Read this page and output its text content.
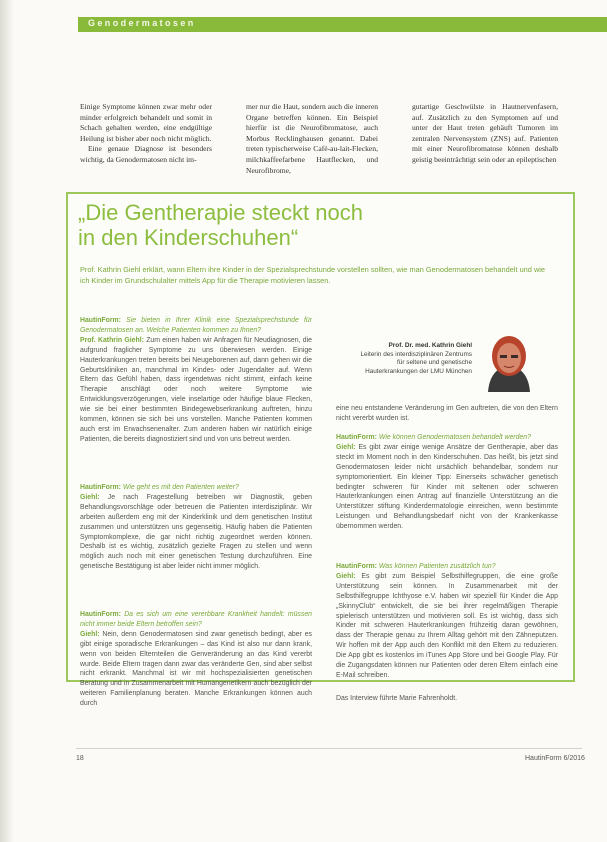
Genodermatosen

Einige Symptome können zwar mehr oder minder erfolgreich behandelt und somit in Schach gehalten werden, eine endgültige Heilung ist bisher aber noch nicht möglich.

Eine genaue Diagnose ist besonders wichtig, da Genodermatosen nicht im-

mer nur die Haut, sondern auch die inneren Organe betreffen können. Ein Beispiel hierfür ist die Neurofibromatose, auch Morbus Recklinghausen genannt. Dabei treten typischerweise Café-au-lait-Flecken, milchkaffeefarbene Hautflecken, und Neurofibrome,

gutartige Geschwülste in Hautnervenfasern, auf. Zusätzlich zu den Symptomen auf und unter der Haut treten gehäuft Tumoren im zentralen Nervensystem (ZNS) auf. Patienten mit einer Neurofibromatose können deshalb geistig beeinträchtigt sein oder an epileptischen

„Die Gentherapie steckt noch
in den Kinderschuhen“
Prof. Kathrin Giehl erklärt, wann Eltern ihre Kinder in der Spezialsprechstunde vorstellen sollten, wie man Genodermatosen behandelt und wie ich Kinder im Grundschulalter mittels App für die Therapie motivieren lassen.
HautinForm: Sie bieten in Ihrer Klinik eine Spezialsprechstunde für Genodermatosen an. Welche Patienten kommen zu Ihnen?
Prof. Kathrin Giehl: Zum einen haben wir Anfragen für Neudiagnosen, die aufgrund fraglicher Symptome zu uns überwiesen werden. Einige Hauterkrankungen treten bereits bei Neugeborenen auf, dann gehen wir die Geburtskliniken an, manchmal im Kindes- oder Jugendalter auf. Wenn Eltern das Gefühl haben, dass irgendetwas nicht stimmt, einfach keine Therapie anschlägt oder noch weitere Symptome wie Entwicklungsverzögerungen, viele inselartige oder häufige blaue Flecken, wie sie bei einer bestimmten Bindegewebserkrankung auftreten, hinzu kommen, können sie sich bei uns vorstellen. Manche Patienten kommen auch erst im Erwachsenenalter. Zum anderen haben wir natürlich einige Patienten, die bereits diagnostiziert sind und von uns betreut werden.
HautinForm: Wie geht es mit den Patienten weiter?
Giehl: Je nach Fragestellung betreiben wir Diagnostik, geben Behandlungsvorschläge oder betreuen die Patienten interdisziplinär. Wir arbeiten außerdem eng mit der Kinderklinik und dem genetischen Institut zusammen und unterstützen uns gegenseitig. Häufig haben die Patienten Symptomkomplexe, die gar nicht richtig zugeordnet werden können. Deshalb ist es wichtig, zusätzlich gezielte Fragen zu stellen und wenn möglich auch noch mit einer genetischen Testung durchzuführen. Eine genetische Bestätigung ist aber leider nicht immer möglich.
HautinForm: Da es sich um eine vererbbare Krankheit handelt: müssen nicht immer beide Eltern betroffen sein?
Giehl: Nein, denn Genodermatosen sind zwar genetisch bedingt, aber es gibt einige sporadische Erkrankungen – das Kind ist also nur dann krank, wenn von beiden Elternteilen die Genveränderung an das Kind vererbt wurde. Beide Eltern tragen dann zwar das veränderte Gen, sind aber selbst nicht erkrankt. Manchmal ist wir mit hochspezialisierten genetischen Beratung und in Zusammenarbeit mit Humangenetikern auch bezüglich der weiteren Familienplanung beraten. Manche Erkrankungen können auch durch
Prof. Dr. med. Kathrin Giehl
Leiterin des interdisziplinären Zentrums für seltene und genetische Hauterkrankungen der LMU München
eine neu entstandene Veränderung im Gen auftreten, die von den Eltern nicht vererbt wurden ist.
HautinForm: Wie können Genodermatosen behandelt werden?
Giehl: Es gibt zwar einige wenige Ansätze der Gentherapie, aber das steckt im Moment noch in den Kinderschuhen. Das heißt, bis jetzt sind Genodermatosen leider nicht ursächlich behandelbar, sondern nur symptomorientiert. Ein kleiner Tipp: Einerseits schwächer genetisch bedingter schweren für Kinder mit seltenen oder schweren Hauterkrankungen einen Antrag auf finanzielle Unterstützung an die Unterstützer stiftung Kinderdermatologie einreichen, wenn bestimmte Leistungen und Behandlungsbedarf nicht von der Krankenkasse übernommen werden.
HautinForm: Was können Patienten zusätzlich tun?
Giehl: Es gibt zum Beispiel Selbsthilfegruppen, die eine große Unterstützung sein können. In Zusammenarbeit mit der Selbsthilfegruppe Ichthyose e.V. haben wir speziell für Kinder die App „SkinnyClub“ entwickelt, die sie bei ihrer regelmäßigen Therapie spielerisch unterstützen und motivieren soll. Es ist wichtig, dass sich Kinder mit schweren Hauterkrankungen frühzeitig daran gewöhnen, dass der Therapie genau zu Ihrem Alltag gehört mit den Zähneputzen. Wir hoffen mit der App auch den Konflikt mit den Eltern zu reduzieren. Die App gibt es kostenlos im iTunes App Store und bei Google Play. Für die Zugangsdaten können nur Patienten oder deren Eltern einfach eine E-Mail schreiben.
Das Interview führte Marie Fahrenholdt.
18	HautinForm 6/2016
